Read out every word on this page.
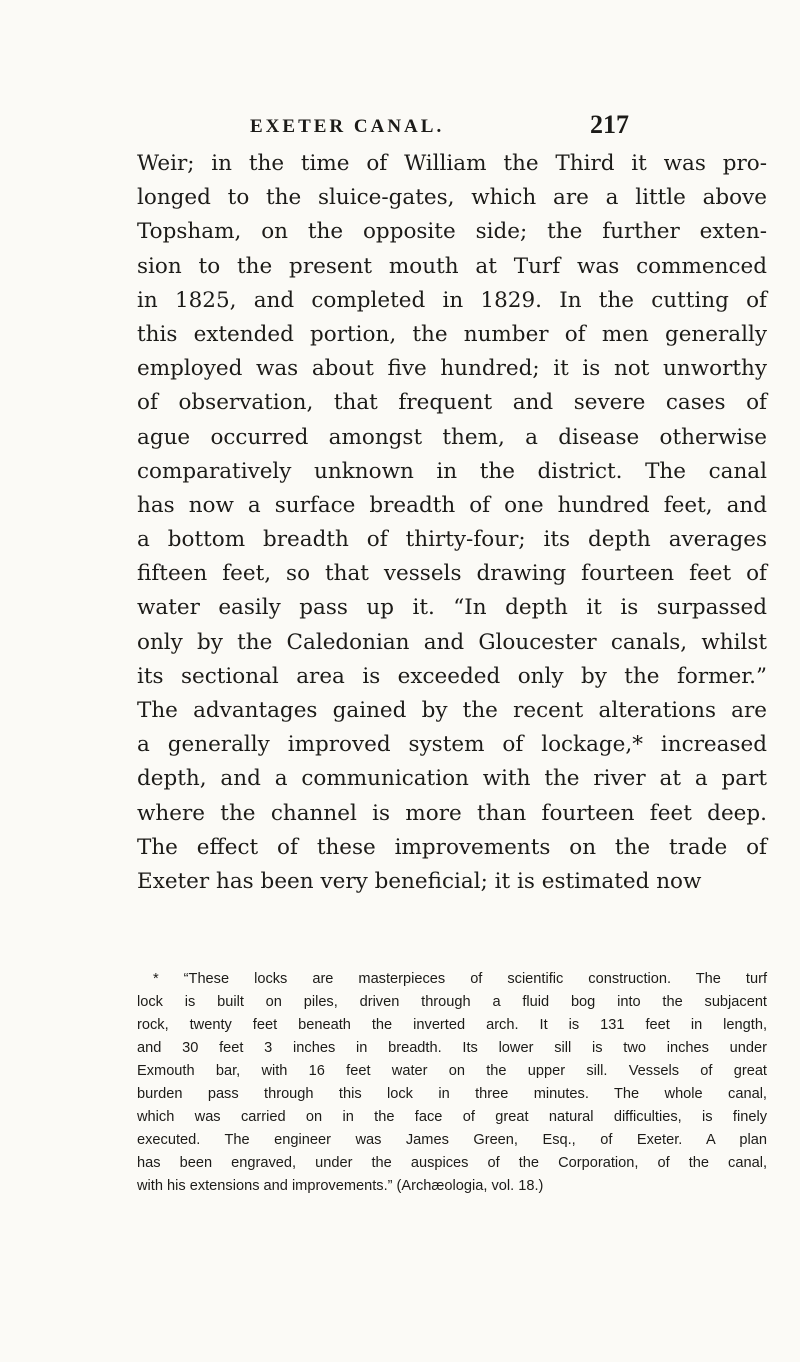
EXETER CANAL.	217
Weir; in the time of William the Third it was pro-
longed to the sluice-gates, which are a little above
Topsham, on the opposite side; the further exten-
sion to the present mouth at Turf was commenced
in 1825, and completed in 1829. In the cutting of
this extended portion, the number of men generally
employed was about five hundred; it is not unworthy
of observation, that frequent and severe cases of
ague occurred amongst them, a disease otherwise
comparatively unknown in the district. The canal
has now a surface breadth of one hundred feet, and
a bottom breadth of thirty-four; its depth averages
fifteen feet, so that vessels drawing fourteen feet of
water easily pass up it. “In depth it is surpassed
only by the Caledonian and Gloucester canals, whilst
its sectional area is exceeded only by the former.”
The advantages gained by the recent alterations are
a generally improved system of lockage,* increased
depth, and a communication with the river at a part
where the channel is more than fourteen feet deep.
The effect of these improvements on the trade of
Exeter has been very beneficial; it is estimated now
* “These locks are masterpieces of scientific construction. The turf
lock is built on piles, driven through a fluid bog into the subjacent
rock, twenty feet beneath the inverted arch. It is 131 feet in length,
and 30 feet 3 inches in breadth. Its lower sill is two inches under
Exmouth bar, with 16 feet water on the upper sill. Vessels of great
burden pass through this lock in three minutes. The whole canal,
which was carried on in the face of great natural difficulties, is finely
executed. The engineer was James Green, Esq., of Exeter. A plan
has been engraved, under the auspices of the Corporation, of the canal,
with his extensions and improvements.” (Archæologia, vol. 18.)
